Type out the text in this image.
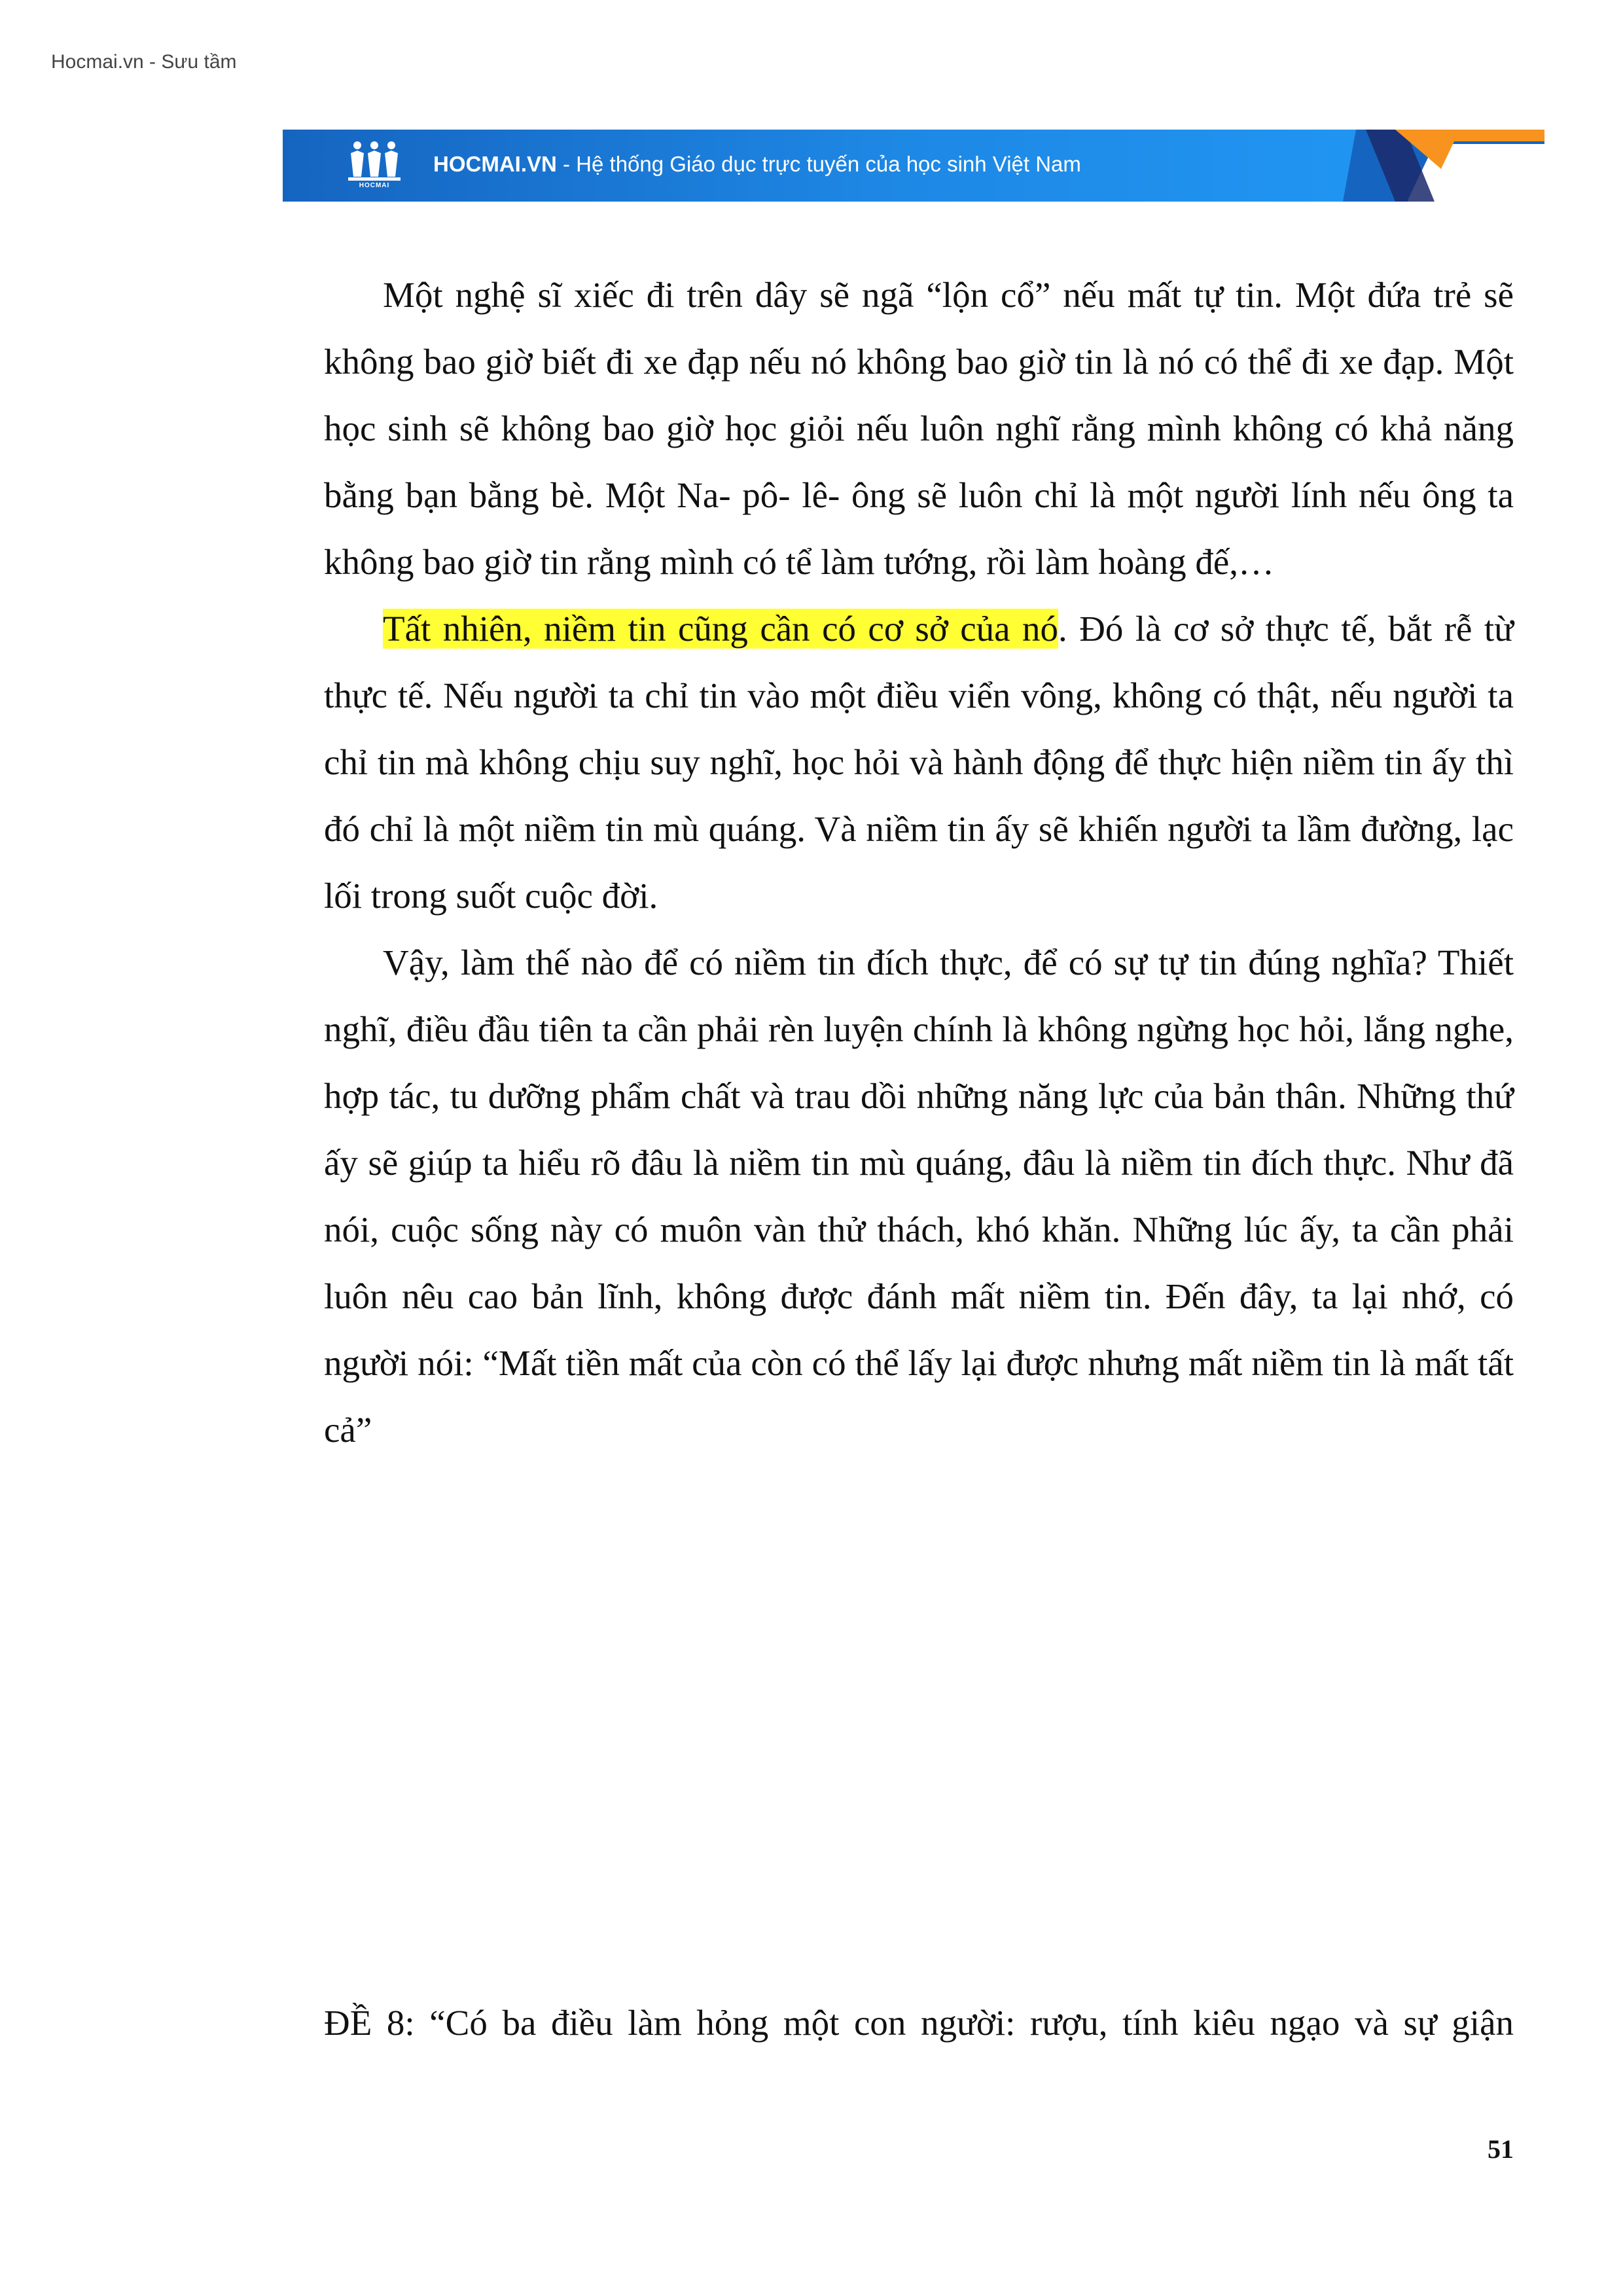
Hocmai.vn - Sưu tầm
HOCMAI
HOCMAI.VN - Hệ thống Giáo dục trực tuyến của học sinh Việt Nam

Một nghệ sĩ xiếc đi trên dây sẽ ngã “lộn cổ” nếu mất tự tin. Một đứa trẻ sẽ không bao giờ biết đi xe đạp nếu nó không bao giờ tin là nó có thể đi xe đạp. Một học sinh sẽ không bao giờ học giỏi nếu luôn nghĩ rằng mình không có khả năng bằng bạn bằng bè. Một Na- pô- lê- ông sẽ luôn chỉ là một người lính nếu ông ta không bao giờ tin rằng mình có tể làm tướng, rồi làm hoàng đế,…

Tất nhiên, niềm tin cũng cần có cơ sở của nó. Đó là cơ sở thực tế, bắt rễ từ thực tế. Nếu người ta chỉ tin vào một điều viển vông, không có thật, nếu người ta chỉ tin mà không chịu suy nghĩ, học hỏi và hành động để thực hiện niềm tin ấy thì đó chỉ là một niềm tin mù quáng. Và niềm tin ấy sẽ khiến người ta lầm đường, lạc lối trong suốt cuộc đời.

Vậy, làm thế nào để có niềm tin đích thực, để có sự tự tin đúng nghĩa? Thiết nghĩ, điều đầu tiên ta cần phải rèn luyện chính là không ngừng học hỏi, lắng nghe, hợp tác, tu dưỡng phẩm chất và trau dồi những năng lực của bản thân. Những thứ ấy sẽ giúp ta hiểu rõ đâu là niềm tin mù quáng, đâu là niềm tin đích thực. Như đã nói, cuộc sống này có muôn vàn thử thách, khó khăn. Những lúc ấy, ta cần phải luôn nêu cao bản lĩnh, không được đánh mất niềm tin. Đến đây, ta lại nhớ, có người nói: “Mất tiền mất của còn có thể lấy lại được nhưng mất niềm tin là mất tất cả”

ĐỀ 8: “Có ba điều làm hỏng một con người: rượu, tính kiêu ngạo và sự giận
51
